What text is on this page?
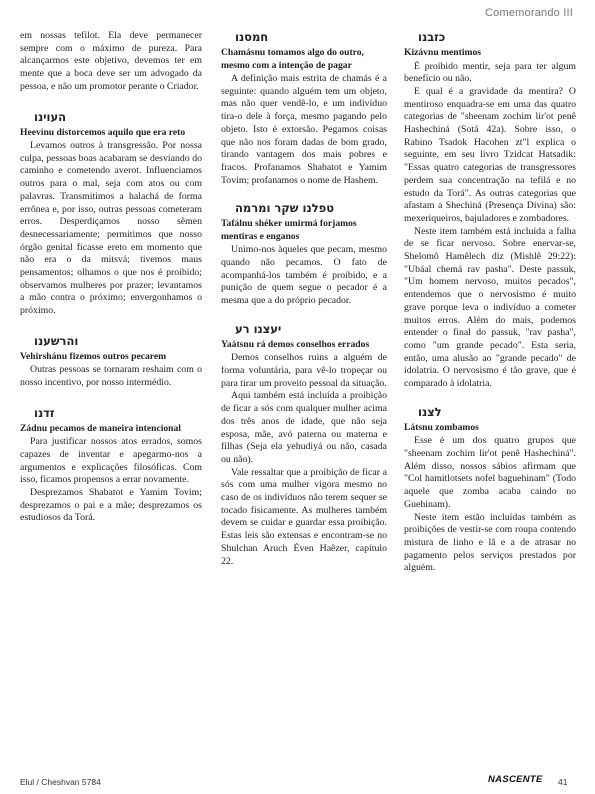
Comemorando III

em nossas tefilot. Ela deve permanecer sempre com o máximo de pureza. Para alcançarmos este objetivo, devemos ter em mente que a boca deve ser um advogado da pessoa, e não um promotor perante o Criador.

העוינו
Heevínu distorcemos aquilo que era reto

Levamos outros à transgressão. Por nossa culpa, pessoas boas acabaram se desviando do caminho e cometendo averot. Influenciamos outros para o mal, seja com atos ou com palavras. Transmitimos a halachá de forma errônea e, por isso, outras pessoas cometeram erros. Desperdiçamos nosso sêmen desnecessariamente; permitimos que nosso órgão genital ficasse ereto em momento que não era o da mitsvá; tivemos maus pensamentos; olhamos o que nos é proibido; observamos mulheres por prazer; levantamos a mão contra o próximo; envergonhamos o próximo.

והרשענו
Vehirshánu fizemos outros pecarem

Outras pessoas se tornaram reshaim com o nosso incentivo, por nosso intermédio.

זדנו
Zádnu pecamos de maneira intencional

Para justificar nossos atos errados, somos capazes de inventar e apegarmo-nos a argumentos e explicações filosóficas. Com isso, ficamos propensos a errar novamente.

Desprezamos Shabatot e Yamim Tovim; desprezamos o pai e a mãe; desprezamos os estudiosos da Torá.

חמסנו
Chamásnu tomamos algo do outro, mesmo com a intenção de pagar

A definição mais estrita de chamás é a seguinte: quando alguém tem um objeto, mas não quer vendê-lo, e um indivíduo tira-o dele à força, mesmo pagando pelo objeto. Isto é extorsão. Pegamos coisas que não nos foram dadas de bom grado, tirando vantagem dos mais pobres e fracos. Profanamos Shabatot e Yamim Tovim; profanamos o nome de Hashem.

טפלנו שקר ומרמה
Tafálnu shéker umirmá forjamos mentiras e enganos

Unimo-nos àqueles que pecam, mesmo quando não pecamos. O fato de acompanhá-los também é proibido, e a punição de quem segue o pecador é a mesma que a do próprio pecador.

יעצנו רע
Yaátsnu rá demos conselhos errados

Demos conselhos ruins a alguém de forma voluntária, para vê-lo tropeçar ou para tirar um proveito pessoal da situação.

Aqui também está incluída a proibição de ficar a sós com qualquer mulher acima dos três anos de idade, que não seja esposa, mãe, avó paterna ou materna e filhas (Seja ela yehudiyá ou não, casada ou não).

Vale ressaltar que a proibição de ficar a sós com uma mulher vigora mesmo no caso de os indivíduos não terem sequer se tocado fisicamente. As mulheres também devem se cuidar e guardar essa proibição. Estas leis são extensas e encontram-se no Shulchan Aruch Éven Haêzer, capítulo 22.

כזבנו
Kizávnu mentimos

É proibido mentir, seja para ter algum benefício ou não.

E qual é a gravidade da mentira? O mentiroso enquadra-se em uma das quatro categorias de "sheenam zochim lir'ot penê Hashechiná (Sotá 42a). Sobre isso, o Rabino Tsadok Hacohen zt"l explica o seguinte, em seu livro Tzidcat Hatsadik: "Essas quatro categorias de transgressores perdem sua concentração na tefilá e no estudo da Torá". As outras categorias que afastam a Shechiná (Presença Divina) são: mexeriqueiros, bajuladores e zombadores.

Neste item também está incluída a falha de se ficar nervoso. Sobre enervar-se, Shelomô Hamêlech diz (Mishlê 29:22): "Ubáal chemá rav pasha". Deste passuk, "Um homem nervoso, muitos pecados", entendemos que o nervosismo é muito grave porque leva o indivíduo a cometer muitos erros. Além do mais, podemos entender o final do passuk, "rav pasha", como "um grande pecado". Esta seria, então, uma alusão ao "grande pecado" de idolatria. O nervosismo é tão grave, que é comparado à idolatria.

לצנו
Látsnu zombamos

Esse é um dos quatro grupos que "sheenam zochim lir'ot penê Hashechiná". Além disso, nossos sábios afirmam que "Col hamitlotsets nofel baguehinam" (Todo aquele que zomba acaba caindo no Guehinam).

Neste item estão incluídas também as proibições de vestir-se com roupa contendo mistura de linho e lã e a de atrasar no pagamento pelos serviços prestados por alguém.

Elul / Cheshvan 5784	NASCENTE 41
